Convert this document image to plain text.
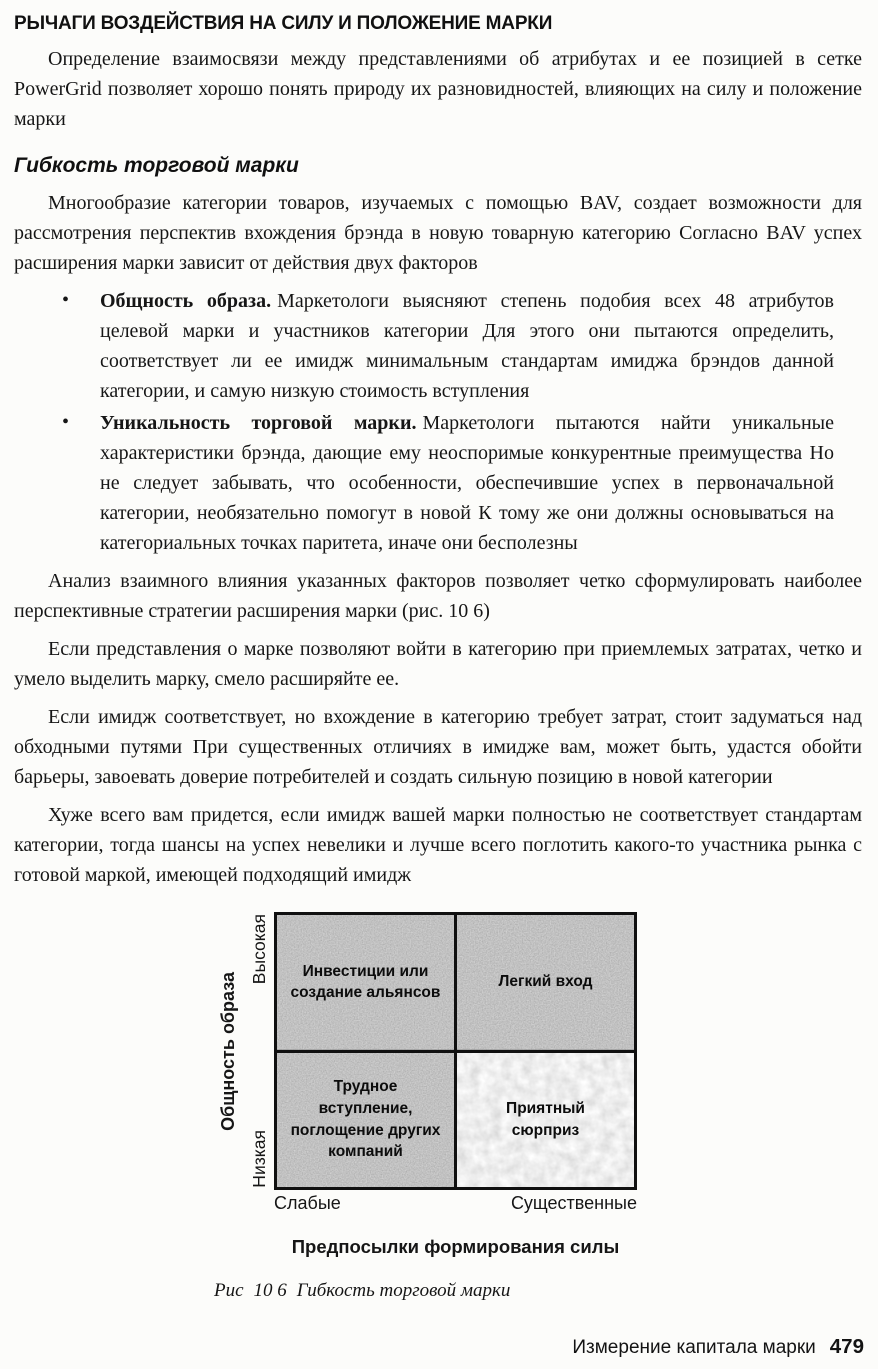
РЫЧАГИ ВОЗДЕЙСТВИЯ НА СИЛУ И ПОЛОЖЕНИЕ МАРКИ

Определение взаимосвязи между представлениями об атрибутах и ее позицией в сетке PowerGrid позволяет хорошо понять природу их разновидностей, влияющих на силу и положение марки

Гибкость торговой марки

Многообразие категории товаров, изучаемых с помощью BAV, создает возможности для рассмотрения перспектив вхождения брэнда в новую товарную категорию Согласно BAV успех расширения марки зависит от действия двух факторов

• Общность образа. Маркетологи выясняют степень подобия всех 48 атрибутов целевой марки и участников категории Для этого они пытаются определить, соответствует ли ее имидж минимальным стандартам имиджа брэндов данной категории, и самую низкую стоимость вступления
• Уникальность торговой марки. Маркетологи пытаются найти уникальные характеристики брэнда, дающие ему неоспоримые конкурентные преимущества Но не следует забывать, что особенности, обеспечившие успех в первоначальной категории, необязательно помогут в новой К тому же они должны основываться на категориальных точках паритета, иначе они бесполезны

Анализ взаимного влияния указанных факторов позволяет четко сформулировать наиболее перспективные стратегии расширения марки (рис. 10 6)

Если представления о марке позволяют войти в категорию при приемлемых затратах, четко и умело выделить марку, смело расширяйте ее.

Если имидж соответствует, но вхождение в категорию требует затрат, стоит задуматься над обходными путями При существенных отличиях в имидже вам, может быть, удастся обойти барьеры, завоевать доверие потребителей и создать сильную позицию в новой категории

Хуже всего вам придется, если имидж вашей марки полностью не соответствует стандартам категории, тогда шансы на успех невелики и лучше всего поглотить какого-то участника рынка с готовой маркой, имеющей подходящий имидж

Общность образа
Высокая
Низкая
Инвестиции или создание альянсов
Легкий вход
Трудное вступление, поглощение других компаний
Приятный сюрприз
Слабые	Существенные
Предпосылки формирования силы
Рис 10 6 Гибкость торговой марки
Измерение капитала марки 479
